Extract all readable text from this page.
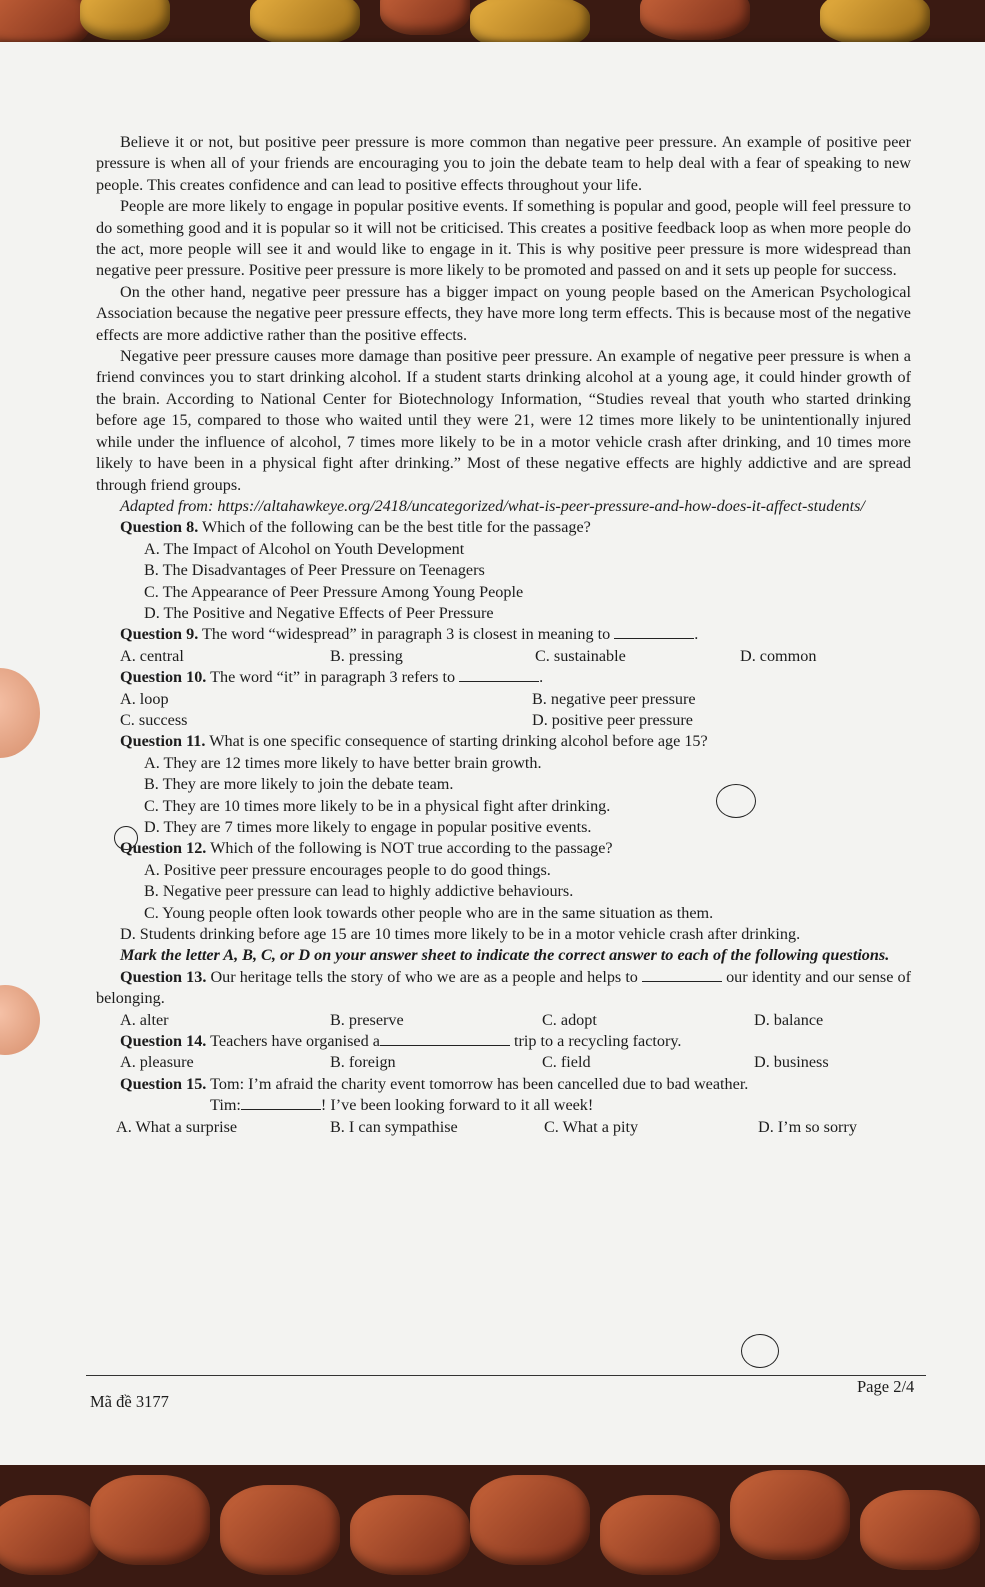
Believe it or not, but positive peer pressure is more common than negative peer pressure. An example of positive peer pressure is when all of your friends are encouraging you to join the debate team to help deal with a fear of speaking to new people. This creates confidence and can lead to positive effects throughout your life.

People are more likely to engage in popular positive events. If something is popular and good, people will feel pressure to do something good and it is popular so it will not be criticised. This creates a positive feedback loop as when more people do the act, more people will see it and would like to engage in it. This is why positive peer pressure is more widespread than negative peer pressure. Positive peer pressure is more likely to be promoted and passed on and it sets up people for success.

On the other hand, negative peer pressure has a bigger impact on young people based on the American Psychological Association because the negative peer pressure effects, they have more long term effects. This is because most of the negative effects are more addictive rather than the positive effects.

Negative peer pressure causes more damage than positive peer pressure. An example of negative peer pressure is when a friend convinces you to start drinking alcohol. If a student starts drinking alcohol at a young age, it could hinder growth of the brain. According to National Center for Biotechnology Information, “Studies reveal that youth who started drinking before age 15, compared to those who waited until they were 21, were 12 times more likely to be unintentionally injured while under the influence of alcohol, 7 times more likely to be in a motor vehicle crash after drinking, and 10 times more likely to have been in a physical fight after drinking.” Most of these negative effects are highly addictive and are spread through friend groups.

Adapted from: https://altahawkeye.org/2418/uncategorized/what-is-peer-pressure-and-how-does-it-affect-students/

Question 8. Which of the following can be the best title for the passage?

A. The Impact of Alcohol on Youth Development

B. The Disadvantages of Peer Pressure on Teenagers

C. The Appearance of Peer Pressure Among Young People

D. The Positive and Negative Effects of Peer Pressure

Question 9. The word “widespread” in paragraph 3 is closest in meaning to	.

A. central	B. pressing	C. sustainable	D. common

Question 10. The word “it” in paragraph 3 refers to	.

A. loop	B. negative peer pressure
C. success	D. positive peer pressure

Question 11. What is one specific consequence of starting drinking alcohol before age 15?

A. They are 12 times more likely to have better brain growth.

B. They are more likely to join the debate team.

C. They are 10 times more likely to be in a physical fight after drinking.

D. They are 7 times more likely to engage in popular positive events.

Question 12. Which of the following is NOT true according to the passage?

A. Positive peer pressure encourages people to do good things.

B. Negative peer pressure can lead to highly addictive behaviours.

C. Young people often look towards other people who are in the same situation as them.

D. Students drinking before age 15 are 10 times more likely to be in a motor vehicle crash after drinking.

Mark the letter A, B, C, or D on your answer sheet to indicate the correct answer to each of the following questions.

Question 13. Our heritage tells the story of who we are as a people and helps to	our identity and our sense of belonging.

A. alter	B. preserve	C. adopt	D. balance

Question 14. Teachers have organised a	trip to a recycling factory.

A. pleasure	B. foreign	C. field	D. business

Question 15. Tom: I’m afraid the charity event tomorrow has been cancelled due to bad weather.

Tim:	! I’ve been looking forward to it all week!

A. What a surprise	B. I can sympathise	C. What a pity	D. I’m so sorry
Mã đề 3177
Page 2/4
